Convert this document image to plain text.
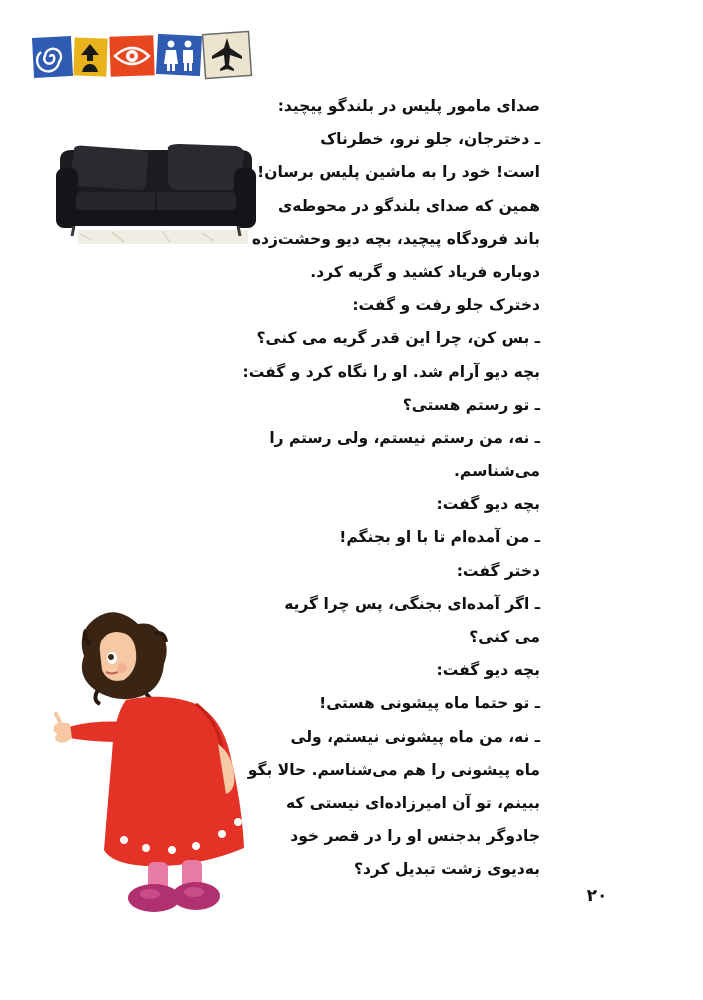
صدای مامور پلیس در بلندگو پیچید:
ـ دخترجان، جلو نرو، خطرناک
است! خود را به ماشین پلیس برسان!
همین که صدای بلندگو در محوطه‌ی
باند فرودگاه پیچید، بچه دیو وحشت‌زده
دوباره فریاد کشید و گریه کرد.
دخترک جلو رفت و گفت:
ـ بس کن، چرا این قدر گریه می کنی؟
بچه دیو آرام شد. او را نگاه کرد و گفت:
ـ تو رستم هستی؟
ـ نه، من رستم نیستم، ولی رستم را
می‌شناسم.
بچه دیو گفت:
ـ من آمده‌ام تا با او بجنگم!
دختر گفت:
ـ اگر آمده‌ای بجنگی، پس چرا گریه
می کنی؟
بچه دیو گفت:
ـ تو حتما ماه پیشونی هستی!
ـ نه، من ماه پیشونی نیستم، ولی
ماه پیشونی را هم می‌شناسم. حالا بگو
ببینم، تو آن امیرزاده‌ای نیستی که
جادوگر بدجنس او را در قصر خود
به‌دیوی زشت تبدیل کرد؟
۲۰
